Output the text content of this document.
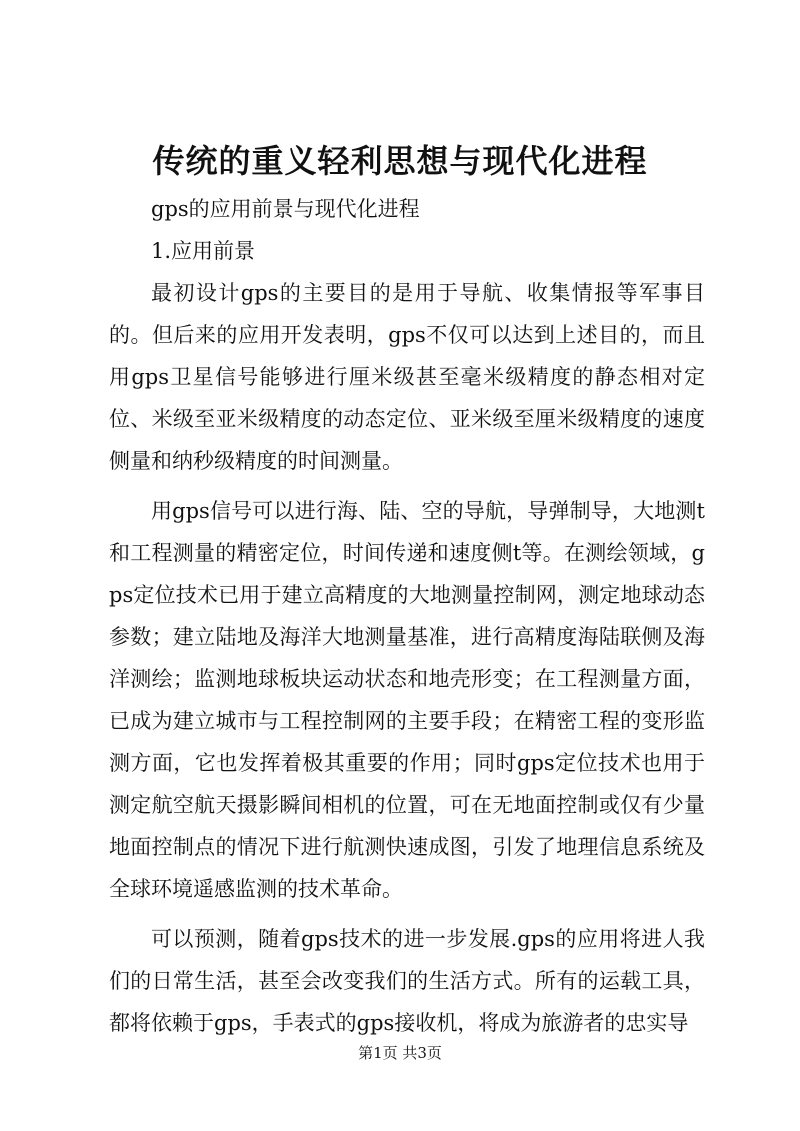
传统的重义轻利思想与现代化进程

gps的应用前景与现代化进程

1.应用前景

最初设计gps的主要目的是用于导航、收集情报等军事目的。但后来的应用开发表明，gps不仅可以达到上述目的，而且用gps卫星信号能够进行厘米级甚至毫米级精度的静态相对定位、米级至亚米级精度的动态定位、亚米级至厘米级精度的速度侧量和纳秒级精度的时间测量。

用gps信号可以进行海、陆、空的导航，导弹制导，大地测t和工程测量的精密定位，时间传递和速度侧t等。在测绘领域，gps定位技术已用于建立高精度的大地测量控制网，测定地球动态参数；建立陆地及海洋大地测量基准，进行高精度海陆联侧及海洋测绘；监测地球板块运动状态和地壳形变；在工程测量方面，已成为建立城市与工程控制网的主要手段；在精密工程的变形监测方面，它也发挥着极其重要的作用；同时gps定位技术也用于测定航空航天摄影瞬间相机的位置，可在无地面控制或仅有少量地面控制点的情况下进行航测快速成图，引发了地理信息系统及全球环境遥感监测的技术革命。

可以预测，随着gps技术的进一步发展.gps的应用将进人我们的日常生活，甚至会改变我们的生活方式。所有的运载工具，都将依赖于gps，手表式的gps接收机，将成为旅游者的忠实导

第1页 共3页
